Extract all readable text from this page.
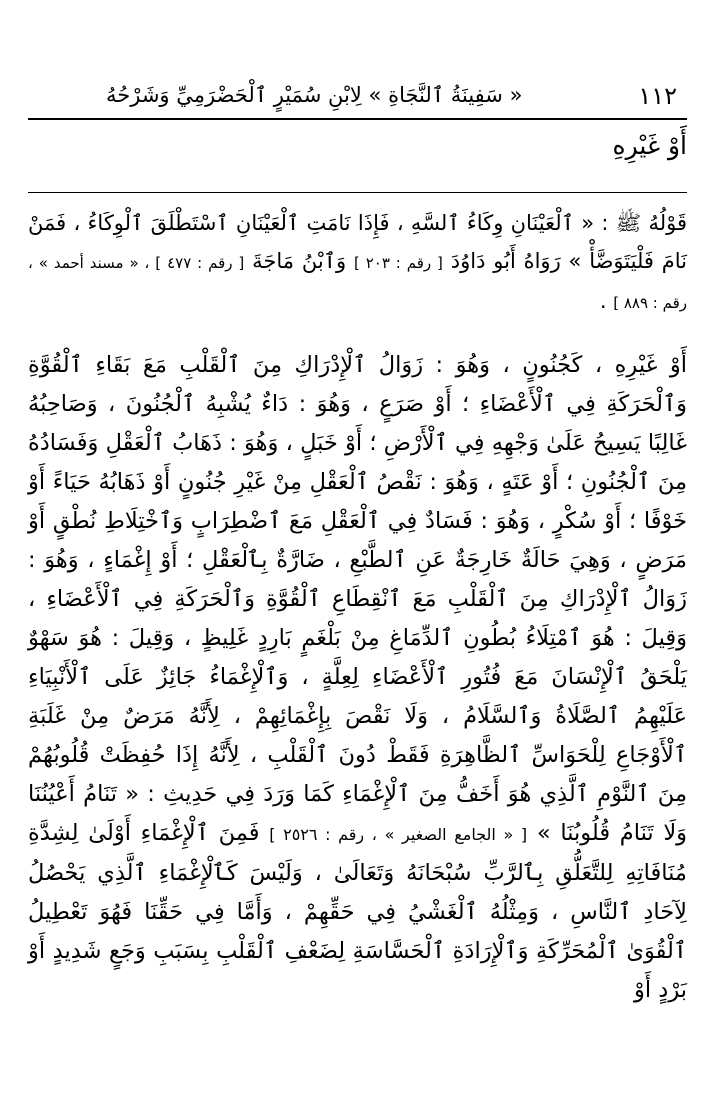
١١٢
« سَفِينَةُ ٱلنَّجَاةِ » لِابْنِ سُمَيْرٍ ٱلْحَضْرَمِيِّ وَشَرْحُهُ
أَوْ غَيْرِهِ
قَوْلُهُ ﷺ : « ٱلْعَيْنَانِ وِكَاءُ ٱلسَّهِ ، فَإِذَا نَامَتِ ٱلْعَيْنَانِ ٱسْتَطْلَقَ ٱلْوِكَاءُ ، فَمَنْ نَامَ فَلْيَتَوَضَّأْ » رَوَاهُ أَبُو دَاوُدَ [ رقم : ٢٠٣ ] وَٱبْنُ مَاجَةَ [ رقم : ٤٧٧ ] ، « مسند أحمد » ، رقم : ٨٨٩ ] .
أَوْ غَيْرِهِ ، كَجُنُونٍ ، وَهُوَ : زَوَالُ ٱلْإِدْرَاكِ مِنَ ٱلْقَلْبِ مَعَ بَقَاءِ ٱلْقُوَّةِ وَٱلْحَرَكَةِ فِي ٱلْأَعْضَاءِ ؛ أَوْ صَرَعٍ ، وَهُوَ : دَاءٌ يُشْبِهُ ٱلْجُنُونَ ، وَصَاحِبُهُ غَالِبًا يَسِيحُ عَلَىٰ وَجْهِهِ فِي ٱلْأَرْضِ ؛ أَوْ خَبَلٍ ، وَهُوَ : ذَهَابُ ٱلْعَقْلِ وَفَسَادُهُ مِنَ ٱلْجُنُونِ ؛ أَوْ عَتَهٍ ، وَهُوَ : نَقْصُ ٱلْعَقْلِ مِنْ غَيْرِ جُنُونٍ أَوْ ذَهَابُهُ حَيَاءً أَوْ خَوْفًا ؛ أَوْ سُكْرٍ ، وَهُوَ : فَسَادٌ فِي ٱلْعَقْلِ مَعَ ٱضْطِرَابٍ وَٱخْتِلَاطِ نُطْقٍ أَوْ مَرَضٍ ، وَهِيَ حَالَةٌ خَارِجَةٌ عَنِ ٱلطَّبْعِ ، ضَارَّةٌ بِٱلْعَقْلِ ؛ أَوْ إِغْمَاءٍ ، وَهُوَ : زَوَالُ ٱلْإِدْرَاكِ مِنَ ٱلْقَلْبِ مَعَ ٱنْقِطَاعِ ٱلْقُوَّةِ وَٱلْحَرَكَةِ فِي ٱلْأَعْضَاءِ ، وَقِيلَ : هُوَ ٱمْتِلَاءُ بُطُونِ ٱلدِّمَاغِ مِنْ بَلْغَمٍ بَارِدٍ غَلِيظٍ ، وَقِيلَ : هُوَ سَهْوٌ يَلْحَقُ ٱلْإِنْسَانَ مَعَ فُتُورِ ٱلْأَعْضَاءِ لِعِلَّةٍ ، وَٱلْإِغْمَاءُ جَائِزٌ عَلَى ٱلْأَنْبِيَاءِ عَلَيْهِمُ ٱلصَّلَاةُ وَٱلسَّلَامُ ، وَلَا نَقْصَ بِإِغْمَائِهِمْ ، لِأَنَّهُ مَرَضٌ مِنْ غَلَبَةِ ٱلْأَوْجَاعِ لِلْحَوَاسِّ ٱلظَّاهِرَةِ فَقَطْ دُونَ ٱلْقَلْبِ ، لِأَنَّهُ إِذَا حُفِظَتْ قُلُوبُهُمْ مِنَ ٱلنَّوْمِ ٱلَّذِي هُوَ أَخَفُّ مِنَ ٱلْإِغْمَاءِ كَمَا وَرَدَ فِي حَدِيثِ : « تَنَامُ أَعْيُنُنَا وَلَا تَنَامُ قُلُوبُنَا » [ « الجامع الصغير » ، رقم : ٢٥٢٦ ] فَمِنَ ٱلْإِغْمَاءِ أَوْلَىٰ لِشِدَّةِ مُنَافَاتِهِ لِلتَّعَلُّقِ بِٱلرَّبِّ سُبْحَانَهُ وَتَعَالَىٰ ، وَلَيْسَ كَٱلْإِغْمَاءِ ٱلَّذِي يَحْصُلُ لِآحَادِ ٱلنَّاسِ ، وَمِثْلُهُ ٱلْغَشْيُ فِي حَقِّهِمْ ، وَأَمَّا فِي حَقِّنَا فَهُوَ تَعْطِيلُ ٱلْقُوَىٰ ٱلْمُحَرِّكَةِ وَٱلْإِرَادَةِ ٱلْحَسَّاسَةِ لِضَعْفِ ٱلْقَلْبِ بِسَبَبِ وَجَعٍ شَدِيدٍ أَوْ بَرْدٍ أَوْ
